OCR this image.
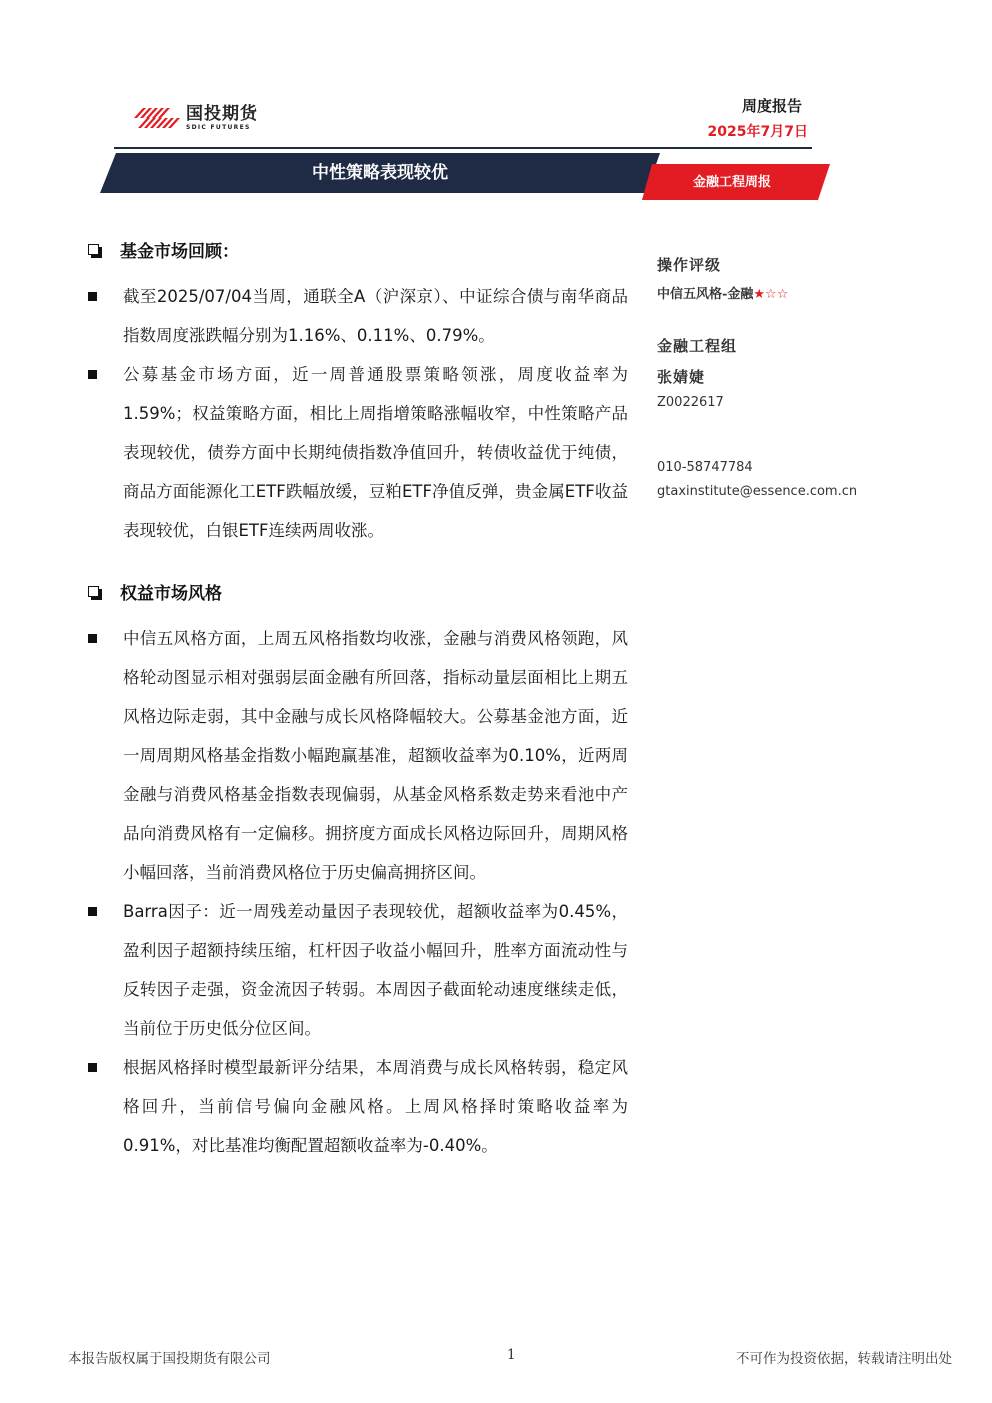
国投期货
SDIC FUTURES
周度报告
2025年7月7日
中性策略表现较优	金融工程周报
基金市场回顾：
截至2025/07/04当周，通联全A（沪深京）、中证综合债与南华商品指数周度涨跌幅分别为1.16%、0.11%、0.79%。
公募基金市场方面，近一周普通股票策略领涨，周度收益率为1.59%；权益策略方面，相比上周指增策略涨幅收窄，中性策略产品表现较优，债券方面中长期纯债指数净值回升，转债收益优于纯债，商品方面能源化工ETF跌幅放缓，豆粕ETF净值反弹，贵金属ETF收益表现较优，白银ETF连续两周收涨。
权益市场风格
中信五风格方面，上周五风格指数均收涨，金融与消费风格领跑，风格轮动图显示相对强弱层面金融有所回落，指标动量层面相比上期五风格边际走弱，其中金融与成长风格降幅较大。公募基金池方面，近一周周期风格基金指数小幅跑赢基准，超额收益率为0.10%，近两周金融与消费风格基金指数表现偏弱，从基金风格系数走势来看池中产品向消费风格有一定偏移。拥挤度方面成长风格边际回升，周期风格小幅回落，当前消费风格位于历史偏高拥挤区间。
Barra因子：近一周残差动量因子表现较优，超额收益率为0.45%，盈利因子超额持续压缩，杠杆因子收益小幅回升，胜率方面流动性与反转因子走强，资金流因子转弱。本周因子截面轮动速度继续走低，当前位于历史低分位区间。
根据风格择时模型最新评分结果，本周消费与成长风格转弱，稳定风格回升，当前信号偏向金融风格。上周风格择时策略收益率为0.91%，对比基准均衡配置超额收益率为-0.40%。
操作评级
中信五风格-金融★☆☆
金融工程组
张婧婕
Z0022617
010-58747784
gtaxinstitute@essence.com.cn
本报告版权属于国投期货有限公司	1	不可作为投资依据，转载请注明出处
